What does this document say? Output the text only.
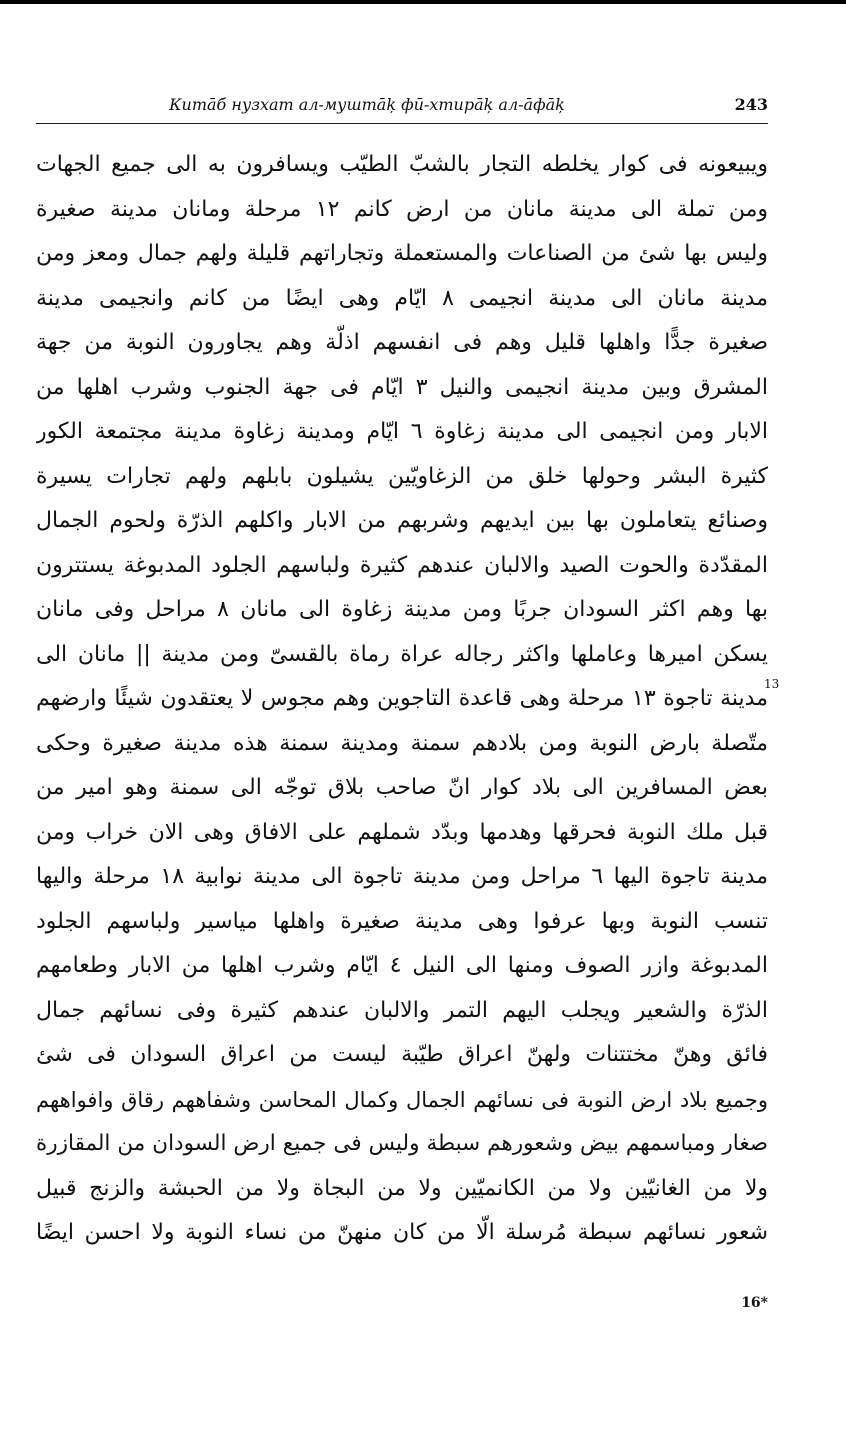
Китāб нузхат ал-муштāķ фū-хтирāķ ал-āфāķ	243
ويبيعونه فى كوار يخلطه التجار بالشبّ الطيّب ويسافرون به الى جميع الجهات
ومن تملة الى مدينة مانان من ارض كانم ١٢ مرحلة ومانان مدينة صغيرة
وليس بها شئ من الصناعات والمستعملة وتجاراتهم قليلة ولهم جمال ومعز ومن
مدينة مانان الى مدينة انجيمى ٨ ايّام وهى ايضًا من كانم وانجيمى مدينة
صغيرة جدًّا واهلها قليل وهم فى انفسهم اذلّة وهم يجاورون النوبة من جهة
المشرق وبين مدينة انجيمى والنيل ٣ ايّام فى جهة الجنوب وشرب اهلها من
الابار ومن انجيمى الى مدينة زغاوة ٦ ايّام ومدينة زغاوة مدينة مجتمعة الكور
كثيرة البشر وحولها خلق من الزغاويّين يشيلون بابلهم ولهم تجارات يسيرة
وصنائع يتعاملون بها بين ايديهم وشربهم من الابار واكلهم الذرّة ولحوم الجمال
المقدّدة والحوت الصيد والالبان عندهم كثيرة ولباسهم الجلود المدبوغة يستترون
بها وهم اكثر السودان جربًا ومن مدينة زغاوة الى مانان ٨ مراحل وفى مانان
يسكن اميرها وعاملها واكثر رجاله عراة رماة بالقسىّ ومن مدينة || مانان الى
مدينة تاجوة ١٣ مرحلة وهى قاعدة التاجوين وهم مجوس لا يعتقدون شيئًا وارضهم
متّصلة بارض النوبة ومن بلادهم سمنة ومدينة سمنة هذه مدينة صغيرة وحكى
بعض المسافرين الى بلاد كوار انّ صاحب بلاق توجّه الى سمنة وهو امير من
قبل ملك النوبة فحرقها وهدمها وبدّد شملهم على الافاق وهى الان خراب ومن
مدينة تاجوة اليها ٦ مراحل ومن مدينة تاجوة الى مدينة نوابية ١٨ مرحلة واليها
تنسب النوبة وبها عرفوا وهى مدينة صغيرة واهلها مياسير ولباسهم الجلود
المدبوغة وازر الصوف ومنها الى النيل ٤ ايّام وشرب اهلها من الابار وطعامهم
الذرّة والشعير ويجلب اليهم التمر والالبان عندهم كثيرة وفى نسائهم جمال
فائق وهنّ مختتنات ولهنّ اعراق طيّبة ليست من اعراق السودان فى شئ
وجميع بلاد ارض النوبة فى نسائهم الجمال وكمال المحاسن وشفاههم رقاق وافواههم
صغار ومباسمهم بيض وشعورهم سبطة وليس فى جميع ارض السودان من المقازرة
ولا من الغانيّين ولا من الكانميّين ولا من البجاة ولا من الحبشة والزنج قبيل
شعور نسائهم سبطة مُرسلة الّا من كان منهنّ من نساء النوبة ولا احسن ايضًا
13
16*
